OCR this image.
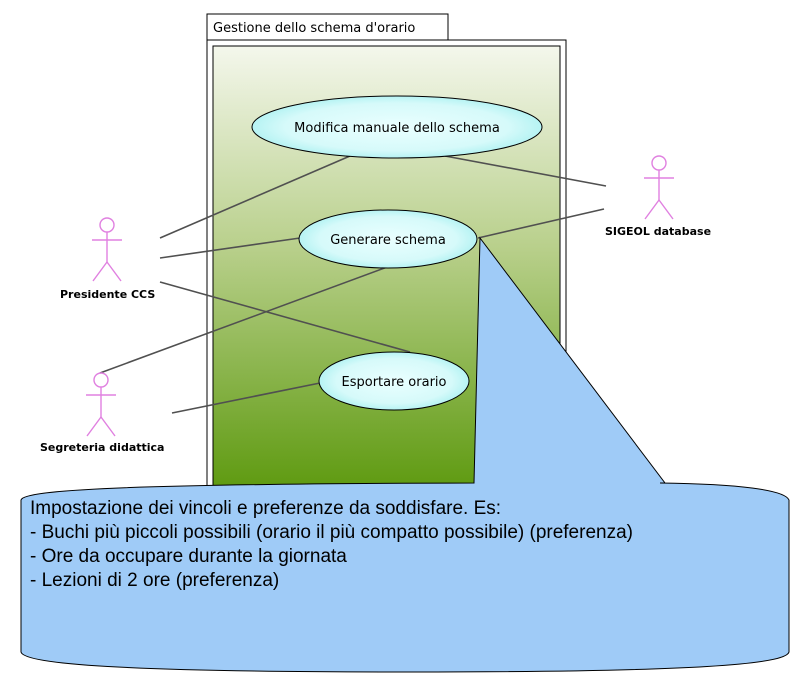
Gestione dello schema d'orario
Modifica manuale dello schema
Generare schema
Esportare orario
Presidente CCS
Segreteria didattica
SIGEOL database
Impostazione dei vincoli e preferenze da soddisfare. Es:
- Buchi più piccoli possibili (orario il più compatto possibile) (preferenza)
- Ore da occupare durante la giornata
- Lezioni di 2 ore (preferenza)
